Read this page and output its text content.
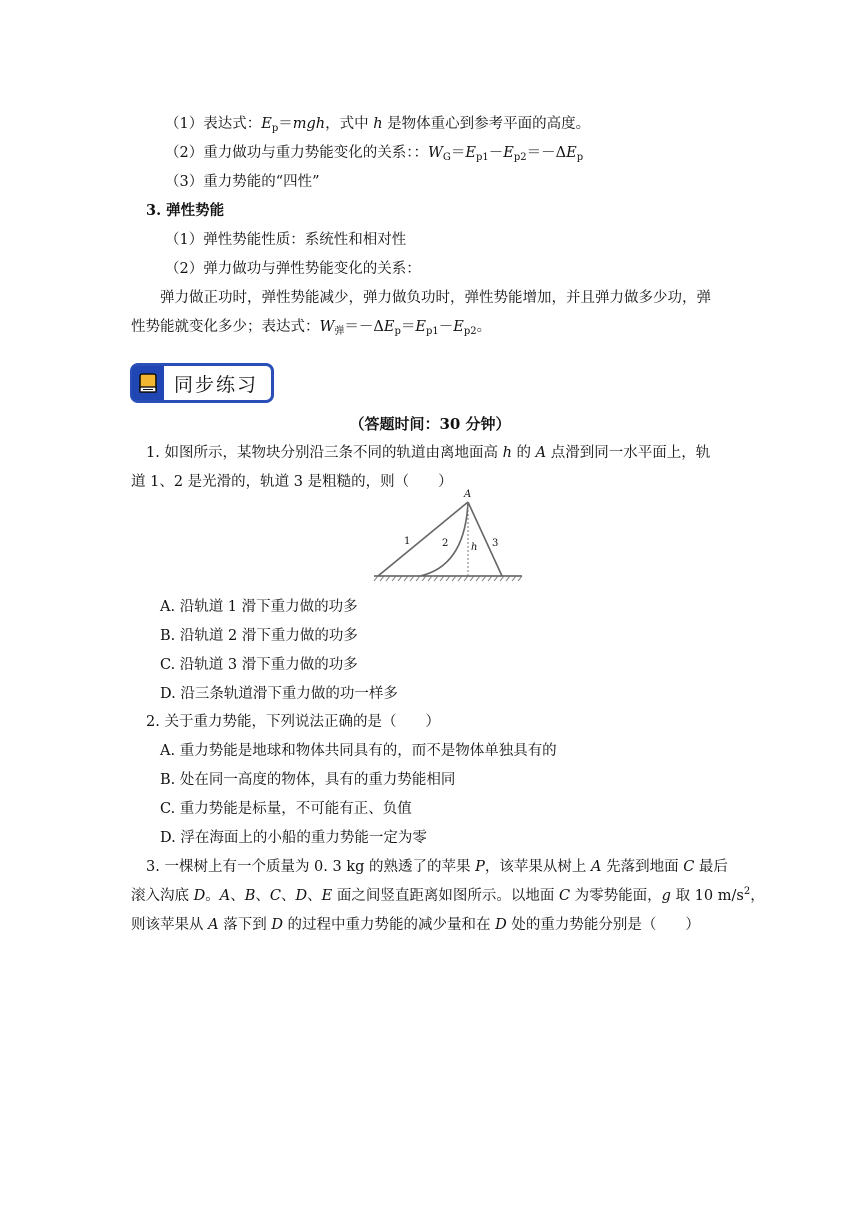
（1）表达式：$E_p=mgh$，式中 h 是物体重心到参考平面的高度。
（2）重力做功与重力势能变化的关系：：$W_G=E_{p1}-E_{p2}=-\Delta E_p$
（3）重力势能的“四性”
3. 弹性势能
（1）弹性势能性质：系统性和相对性
（2）弹力做功与弹性势能变化的关系：
弹力做正功时，弹性势能减少，弹力做负功时，弹性势能增加，并且弹力做多少功，弹
性势能就变化多少；表达式：$W_弹=-\Delta E_p=E_{p1}-E_{p2}$。
同步练习
（答题时间：30 分钟）
1. 如图所示，某物块分别沿三条不同的轨道由离地面高 h 的 A 点滑到同一水平面上，轨
道 1、2 是光滑的，轨道 3 是粗糙的，则（　　）
A
1	2	3
h
A. 沿轨道 1 滑下重力做的功多
B. 沿轨道 2 滑下重力做的功多
C. 沿轨道 3 滑下重力做的功多
D. 沿三条轨道滑下重力做的功一样多
2. 关于重力势能，下列说法正确的是（　　）
A. 重力势能是地球和物体共同具有的，而不是物体单独具有的
B. 处在同一高度的物体，具有的重力势能相同
C. 重力势能是标量，不可能有正、负值
D. 浮在海面上的小船的重力势能一定为零
3. 一棵树上有一个质量为 0. 3 kg 的熟透了的苹果 P，该苹果从树上 A 先落到地面 C 最后
滚入沟底 D。A、B、C、D、E 面之间竖直距离如图所示。以地面 C 为零势能面，g 取 10 $m/s^2$，
则该苹果从 A 落下到 D 的过程中重力势能的减少量和在 D 处的重力势能分别是（　　）
